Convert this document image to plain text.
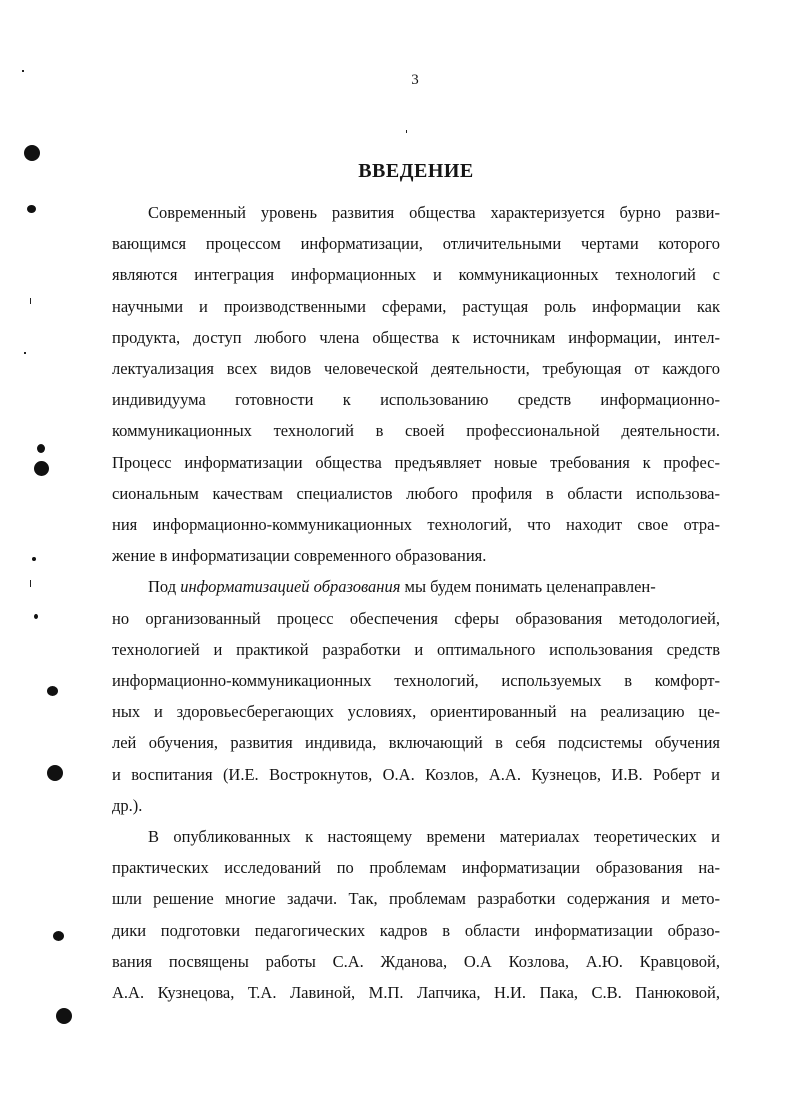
3
ВВЕДЕНИЕ
Современный уровень развития общества характеризуется бурно разви-
вающимся процессом информатизации, отличительными чертами которого
являются интеграция информационных и коммуникационных технологий с
научными и производственными сферами, растущая роль информации как
продукта, доступ любого члена общества к источникам информации, интел-
лектуализация всех видов человеческой деятельности, требующая от каждого
индивидуума готовности к использованию средств информационно-
коммуникационных технологий в своей профессиональной деятельности.
Процесс информатизации общества предъявляет новые требования к профес-
сиональным качествам специалистов любого профиля в области использова-
ния информационно-коммуникационных технологий, что находит свое отра-
жение в информатизации современного образования.
Под информатизацией образования мы будем понимать целенаправлен-
но организованный процесс обеспечения сферы образования методологией,
технологией и практикой разработки и оптимального использования средств
информационно-коммуникационных технологий, используемых в комфорт-
ных и здоровьесберегающих условиях, ориентированный на реализацию це-
лей обучения, развития индивида, включающий в себя подсистемы обучения
и воспитания (И.Е. Вострокнутов, О.А. Козлов, А.А. Кузнецов, И.В. Роберт и
др.).
В опубликованных к настоящему времени материалах теоретических и
практических исследований по проблемам информатизации образования на-
шли решение многие задачи. Так, проблемам разработки содержания и мето-
дики подготовки педагогических кадров в области информатизации образо-
вания посвящены работы С.А. Жданова, О.А Козлова, А.Ю. Кравцовой,
А.А. Кузнецова, Т.А. Лавиной, М.П. Лапчика, Н.И. Пака, С.В. Панюковой,
